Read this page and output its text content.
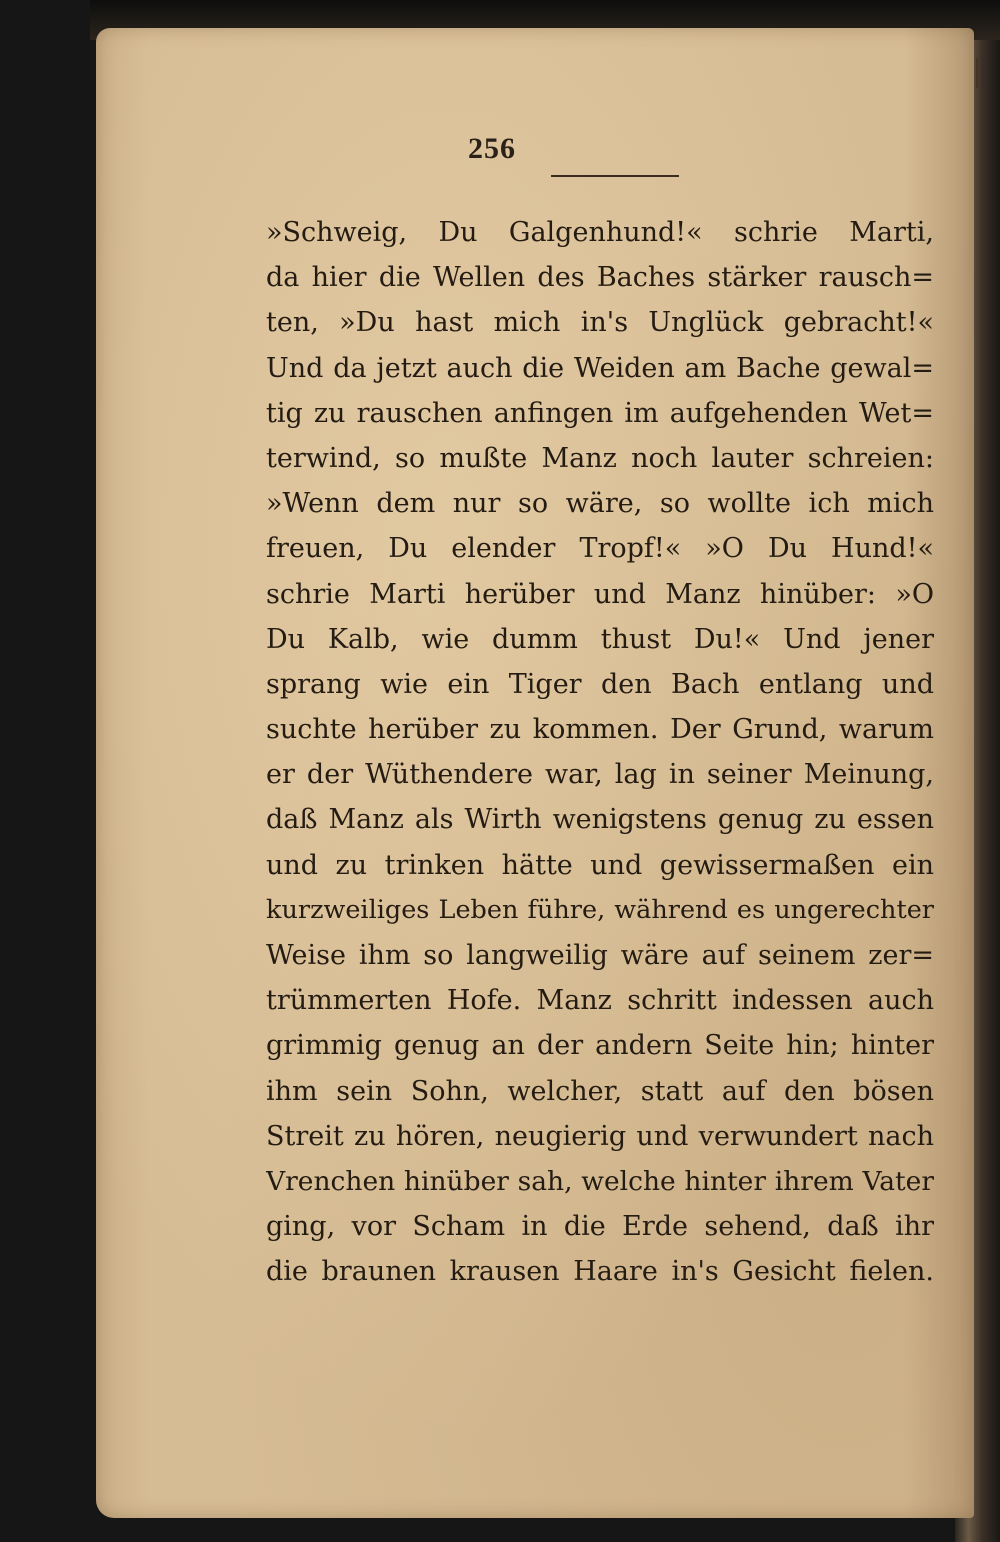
256
»Schweig, Du Galgenhund!« schrie Marti,
da hier die Wellen des Baches stärker rausch=
ten, »Du hast mich in's Unglück gebracht!«
Und da jetzt auch die Weiden am Bache gewal=
tig zu rauschen anfingen im aufgehenden Wet=
terwind, so mußte Manz noch lauter schreien:
»Wenn dem nur so wäre, so wollte ich mich
freuen, Du elender Tropf!« »O Du Hund!«
schrie Marti herüber und Manz hinüber: »O
Du Kalb, wie dumm thust Du!« Und jener
sprang wie ein Tiger den Bach entlang und
suchte herüber zu kommen. Der Grund, warum
er der Wüthendere war, lag in seiner Meinung,
daß Manz als Wirth wenigstens genug zu essen
und zu trinken hätte und gewissermaßen ein
kurzweiliges Leben führe, während es ungerechter
Weise ihm so langweilig wäre auf seinem zer=
trümmerten Hofe. Manz schritt indessen auch
grimmig genug an der andern Seite hin; hinter
ihm sein Sohn, welcher, statt auf den bösen
Streit zu hören, neugierig und verwundert nach
Vrenchen hinüber sah, welche hinter ihrem Vater
ging, vor Scham in die Erde sehend, daß ihr
die braunen krausen Haare in's Gesicht fielen.
